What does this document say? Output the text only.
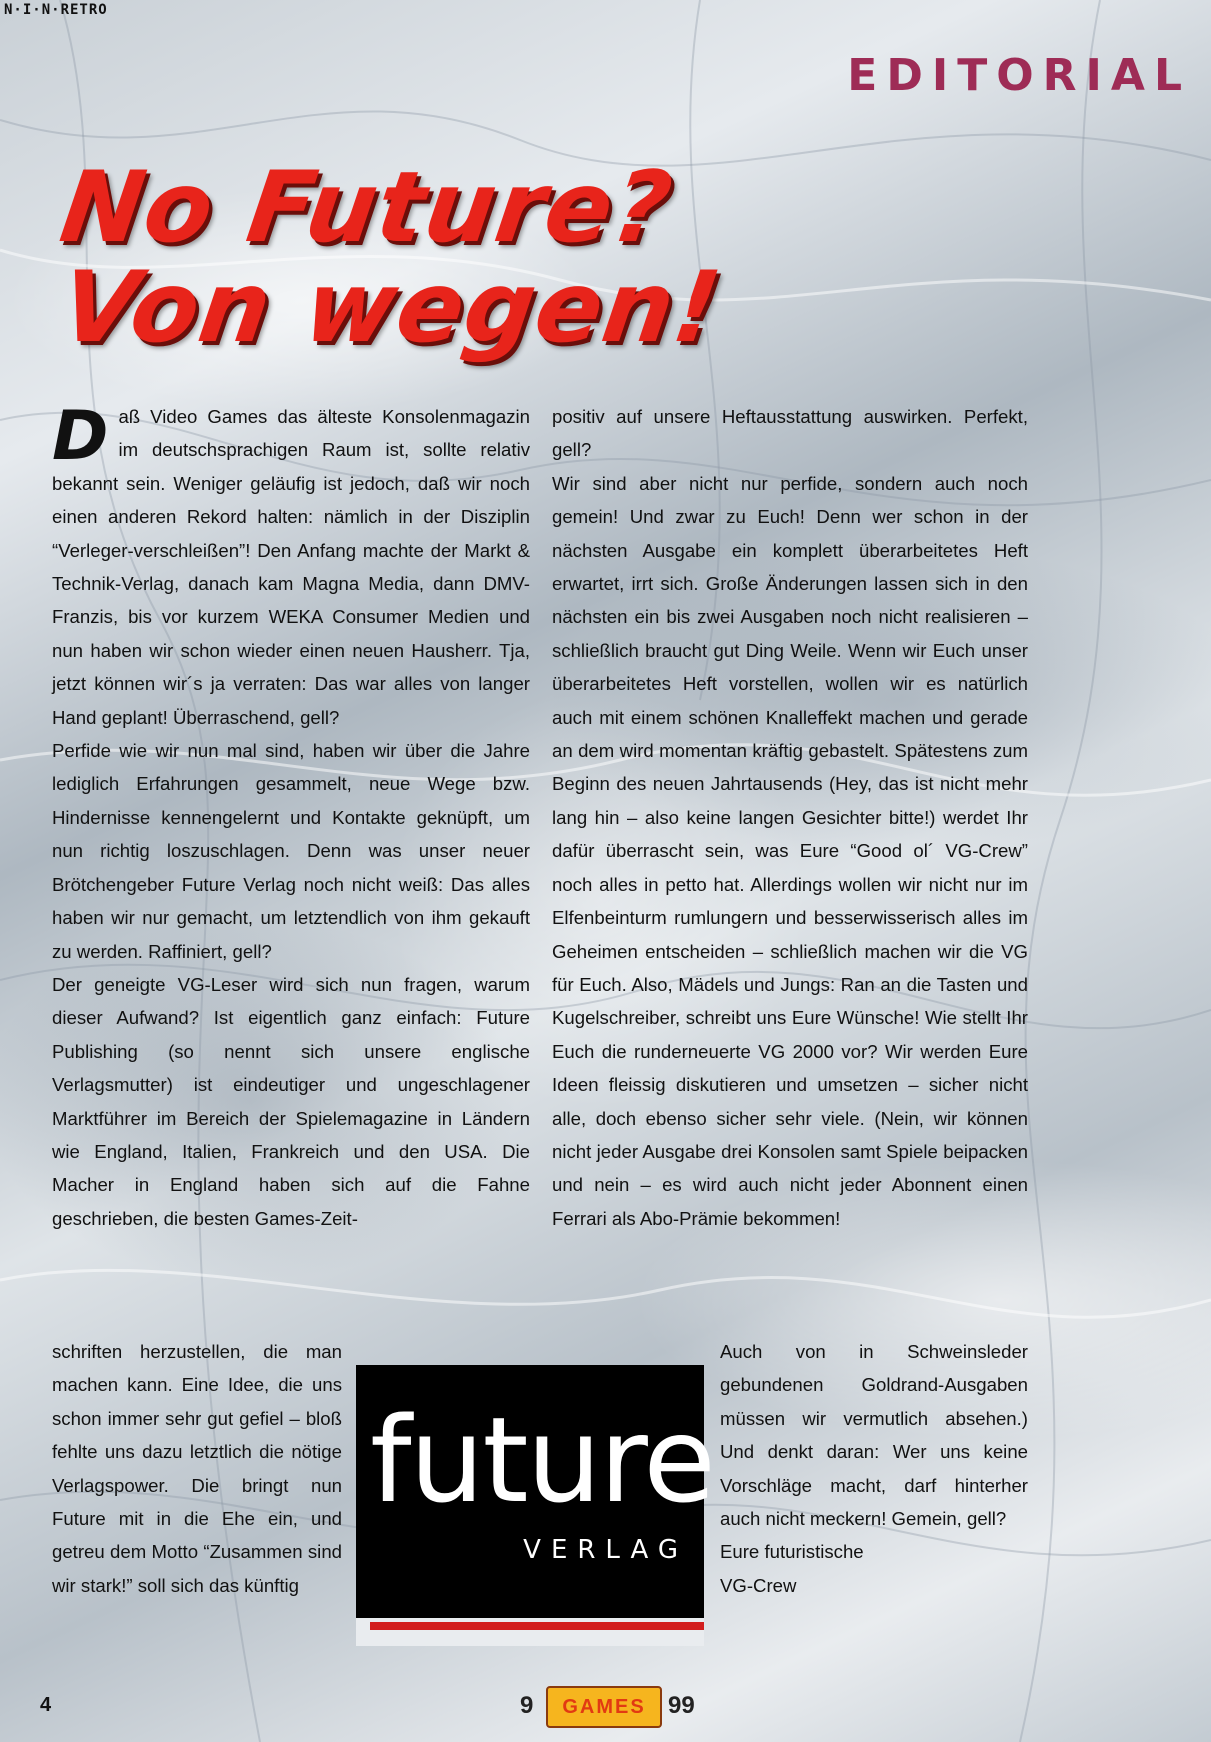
N·I·N·RETRO
EDITORIAL
No Future?
Von wegen!

Daß Video Games das älteste Konsolenmagazin im deutschsprachigen Raum ist, sollte relativ bekannt sein. Weniger geläufig ist jedoch, daß wir noch einen anderen Rekord halten: nämlich in der Disziplin “Verleger-verschleißen”! Den Anfang machte der Markt & Technik-Verlag, danach kam Magna Media, dann DMV-Franzis, bis vor kurzem WEKA Consumer Medien und nun haben wir schon wieder einen neuen Hausherr. Tja, jetzt können wir´s ja verraten: Das war alles von langer Hand geplant! Überraschend, gell?

Perfide wie wir nun mal sind, haben wir über die Jahre lediglich Erfahrungen gesammelt, neue Wege bzw. Hindernisse kennengelernt und Kontakte geknüpft, um nun richtig loszuschlagen. Denn was unser neuer Brötchengeber Future Verlag noch nicht weiß: Das alles haben wir nur gemacht, um letztendlich von ihm gekauft zu werden. Raffiniert, gell?

Der geneigte VG-Leser wird sich nun fragen, warum dieser Aufwand? Ist eigentlich ganz einfach: Future Publishing (so nennt sich unsere englische Verlagsmutter) ist eindeutiger und ungeschlagener Marktführer im Bereich der Spielemagazine in Ländern wie England, Italien, Frankreich und den USA. Die Macher in England haben sich auf die Fahne geschrieben, die besten Games-Zeit-

schriften herzustellen, die man machen kann. Eine Idee, die uns schon immer sehr gut gefiel – bloß fehlte uns dazu letztlich die nötige Verlagspower. Die bringt nun Future mit in die Ehe ein, und getreu dem Motto “Zusammen sind wir stark!” soll sich das künftig

positiv auf unsere Heftausstattung auswirken. Perfekt, gell?

Wir sind aber nicht nur perfide, sondern auch noch gemein! Und zwar zu Euch! Denn wer schon in der nächsten Ausgabe ein komplett überarbeitetes Heft erwartet, irrt sich. Große Änderungen lassen sich in den nächsten ein bis zwei Ausgaben noch nicht realisieren – schließlich braucht gut Ding Weile. Wenn wir Euch unser überarbeitetes Heft vorstellen, wollen wir es natürlich auch mit einem schönen Knalleffekt machen und gerade an dem wird momentan kräftig gebastelt. Spätestens zum Beginn des neuen Jahrtausends (Hey, das ist nicht mehr lang hin – also keine langen Gesichter bitte!) werdet Ihr dafür überrascht sein, was Eure “Good ol´ VG-Crew” noch alles in petto hat. Allerdings wollen wir nicht nur im Elfenbeinturm rumlungern und besserwisserisch alles im Geheimen entscheiden – schließlich machen wir die VG für Euch. Also, Mädels und Jungs: Ran an die Tasten und Kugelschreiber, schreibt uns Eure Wünsche! Wie stellt Ihr Euch die runderneuerte VG 2000 vor? Wir werden Eure Ideen fleissig diskutieren und umsetzen – sicher nicht alle, doch ebenso sicher sehr viele. (Nein, wir können nicht jeder Ausgabe drei Konsolen samt Spiele beipacken und nein – es wird auch nicht jeder Abonnent einen Ferrari als Abo-Prämie bekommen!

Auch von in Schweinsleder gebundenen Goldrand-Ausgaben müssen wir vermutlich absehen.) Und denkt daran: Wer uns keine Vorschläge macht, darf hinterher auch nicht meckern! Gemein, gell?

Eure futuristische

VG-Crew

future
VERLAG
4	9	GAMES 99
